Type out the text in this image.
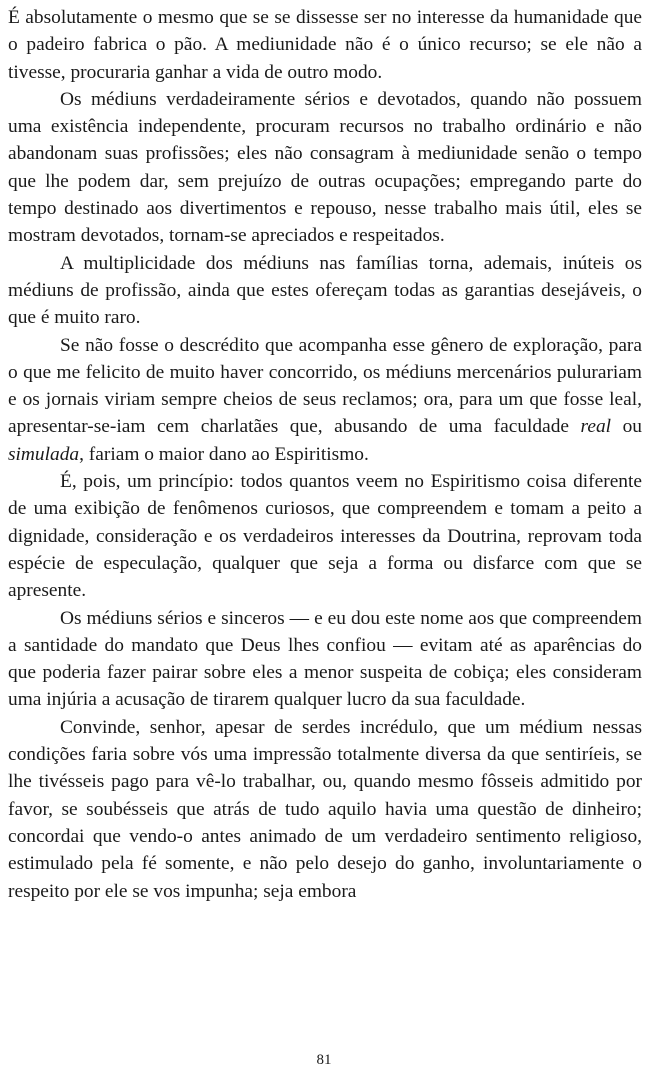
É absolutamente o mesmo que se se dissesse ser no interesse da humanidade que o padeiro fabrica o pão. A mediunidade não é o único recurso; se ele não a tivesse, procuraria ganhar a vida de outro modo.

Os médiuns verdadeiramente sérios e devotados, quando não possuem uma existência independente, procuram recursos no trabalho ordinário e não abandonam suas profissões; eles não consagram à mediunidade senão o tempo que lhe podem dar, sem prejuízo de outras ocupações; empregando parte do tempo destinado aos divertimentos e repouso, nesse trabalho mais útil, eles se mostram devotados, tornam-se apreciados e respeitados.

A multiplicidade dos médiuns nas famílias torna, ademais, inúteis os médiuns de profissão, ainda que estes ofereçam todas as garantias desejáveis, o que é muito raro.

Se não fosse o descrédito que acompanha esse gênero de exploração, para o que me felicito de muito haver concorrido, os médiuns mercenários pulurariam e os jornais viriam sempre cheios de seus reclamos; ora, para um que fosse leal, apresentar-se-iam cem charlatães que, abusando de uma faculdade real ou simulada, fariam o maior dano ao Espiritismo.

É, pois, um princípio: todos quantos veem no Espiritismo coisa diferente de uma exibição de fenômenos curiosos, que compreendem e tomam a peito a dignidade, consideração e os verdadeiros interesses da Doutrina, reprovam toda espécie de especulação, qualquer que seja a forma ou disfarce com que se apresente.

Os médiuns sérios e sinceros — e eu dou este nome aos que compreendem a santidade do mandato que Deus lhes confiou — evitam até as aparências do que poderia fazer pairar sobre eles a menor suspeita de cobiça; eles consideram uma injúria a acusação de tirarem qualquer lucro da sua faculdade.

Convinde, senhor, apesar de serdes incrédulo, que um médium nessas condições faria sobre vós uma impressão totalmente diversa da que sentiríeis, se lhe tivésseis pago para vê-lo trabalhar, ou, quando mesmo fôsseis admitido por favor, se soubésseis que atrás de tudo aquilo havia uma questão de dinheiro; concordai que vendo-o antes animado de um verdadeiro sentimento religioso, estimulado pela fé somente, e não pelo desejo do ganho, involuntariamente o respeito por ele se vos impunha; seja embora

81
